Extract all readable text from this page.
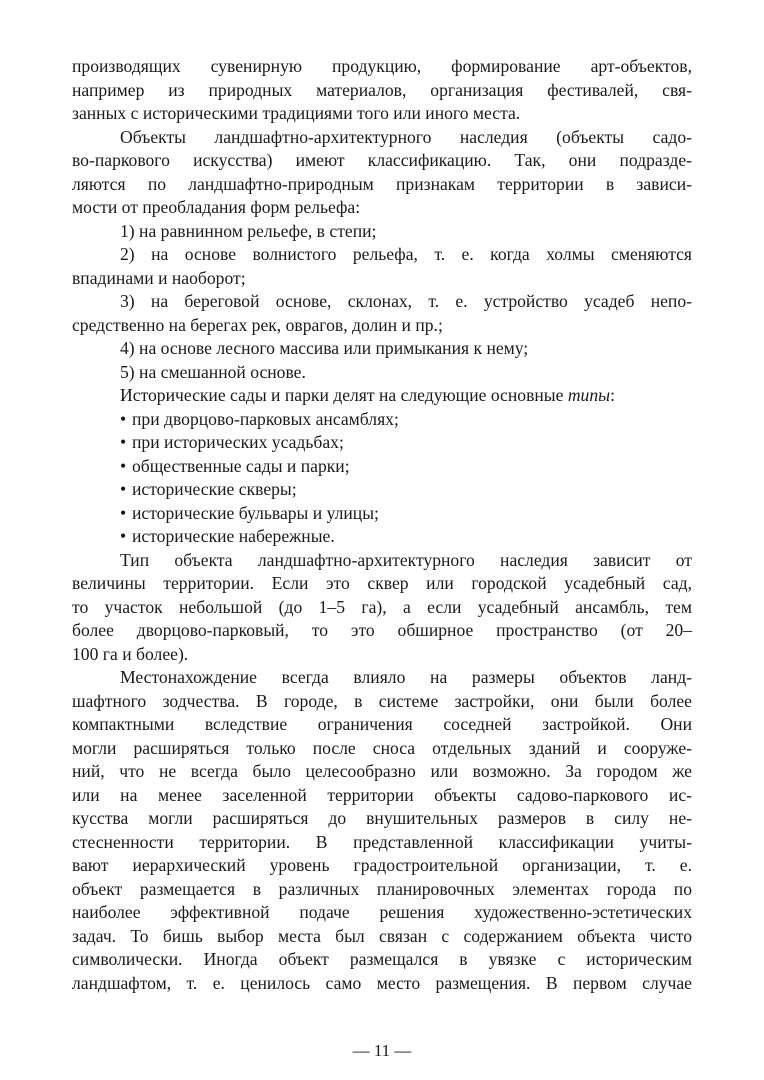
производящих сувенирную продукцию, формирование арт-объектов,
например из природных материалов, организация фестивалей, свя-
занных с историческими традициями того или иного места.
Объекты ландшафтно-архитектурного наследия (объекты садо-
во-паркового искусства) имеют классификацию. Так, они подразде-
ляются по ландшафтно-природным признакам территории в зависи-
мости от преобладания форм рельефа:
1) на равнинном рельефе, в степи;
2) на основе волнистого рельефа, т. е. когда холмы сменяются
впадинами и наоборот;
3) на береговой основе, склонах, т. е. устройство усадеб непо-
средственно на берегах рек, оврагов, долин и пр.;
4) на основе лесного массива или примыкания к нему;
5) на смешанной основе.
Исторические сады и парки делят на следующие основные типы:
• при дворцово-парковых ансамблях;
• при исторических усадьбах;
• общественные сады и парки;
• исторические скверы;
• исторические бульвары и улицы;
• исторические набережные.
Тип объекта ландшафтно-архитектурного наследия зависит от
величины территории. Если это сквер или городской усадебный сад,
то участок небольшой (до 1–5 га), а если усадебный ансамбль, тем
более дворцово-парковый, то это обширное пространство (от 20–
100 га и более).
Местонахождение всегда влияло на размеры объектов ланд-
шафтного зодчества. В городе, в системе застройки, они были более
компактными вследствие ограничения соседней застройкой. Они
могли расширяться только после сноса отдельных зданий и сооруже-
ний, что не всегда было целесообразно или возможно. За городом же
или на менее заселенной территории объекты садово-паркового ис-
кусства могли расширяться до внушительных размеров в силу не-
стесненности территории. В представленной классификации учиты-
вают иерархический уровень градостроительной организации, т. е.
объект размещается в различных планировочных элементах города по
наиболее эффективной подаче решения художественно-эстетических
задач. То бишь выбор места был связан с содержанием объекта чисто
символически. Иногда объект размещался в увязке с историческим
ландшафтом, т. е. ценилось само место размещения. В первом случае
— 11 —
